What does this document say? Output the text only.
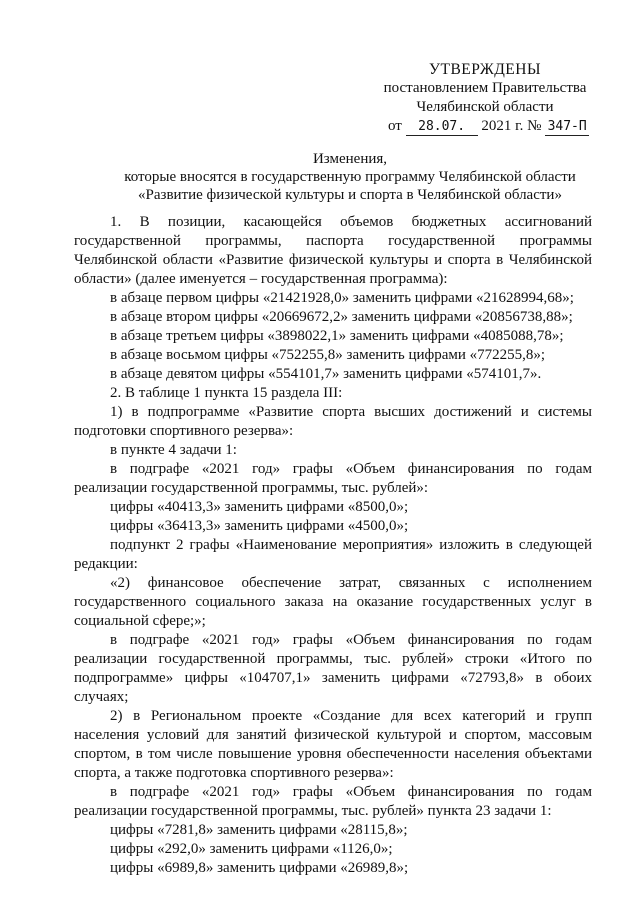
УТВЕРЖДЕНЫ
постановлением Правительства
Челябинской области
от 28.07. 2021 г. № 347-П
Изменения,
которые вносятся в государственную программу Челябинской области
«Развитие физической культуры и спорта в Челябинской области»

1. В позиции, касающейся объемов бюджетных ассигнований государственной программы, паспорта государственной программы Челябинской области «Развитие физической культуры и спорта в Челябинской области» (далее именуется – государственная программа):

в абзаце первом цифры «21421928,0» заменить цифрами «21628994,68»;

в абзаце втором цифры «20669672,2» заменить цифрами «20856738,88»;

в абзаце третьем цифры «3898022,1» заменить цифрами «4085088,78»;

в абзаце восьмом цифры «752255,8» заменить цифрами «772255,8»;

в абзаце девятом цифры «554101,7» заменить цифрами «574101,7».

2. В таблице 1 пункта 15 раздела III:

1) в подпрограмме «Развитие спорта высших достижений и системы подготовки спортивного резерва»:

в пункте 4 задачи 1:

в подграфе «2021 год» графы «Объем финансирования по годам реализации государственной программы, тыс. рублей»:

цифры «40413,3» заменить цифрами «8500,0»;

цифры «36413,3» заменить цифрами «4500,0»;

подпункт 2 графы «Наименование мероприятия» изложить в следующей редакции:

«2) финансовое обеспечение затрат, связанных с исполнением государственного социального заказа на оказание государственных услуг в социальной сфере;»;

в подграфе «2021 год» графы «Объем финансирования по годам реализации государственной программы, тыс. рублей» строки «Итого по подпрограмме» цифры «104707,1» заменить цифрами «72793,8» в обоих случаях;

2) в Региональном проекте «Создание для всех категорий и групп населения условий для занятий физической культурой и спортом, массовым спортом, в том числе повышение уровня обеспеченности населения объектами спорта, а также подготовка спортивного резерва»:

в подграфе «2021 год» графы «Объем финансирования по годам реализации государственной программы, тыс. рублей» пункта 23 задачи 1:

цифры «7281,8» заменить цифрами «28115,8»;

цифры «292,0» заменить цифрами «1126,0»;

цифры «6989,8» заменить цифрами «26989,8»;
